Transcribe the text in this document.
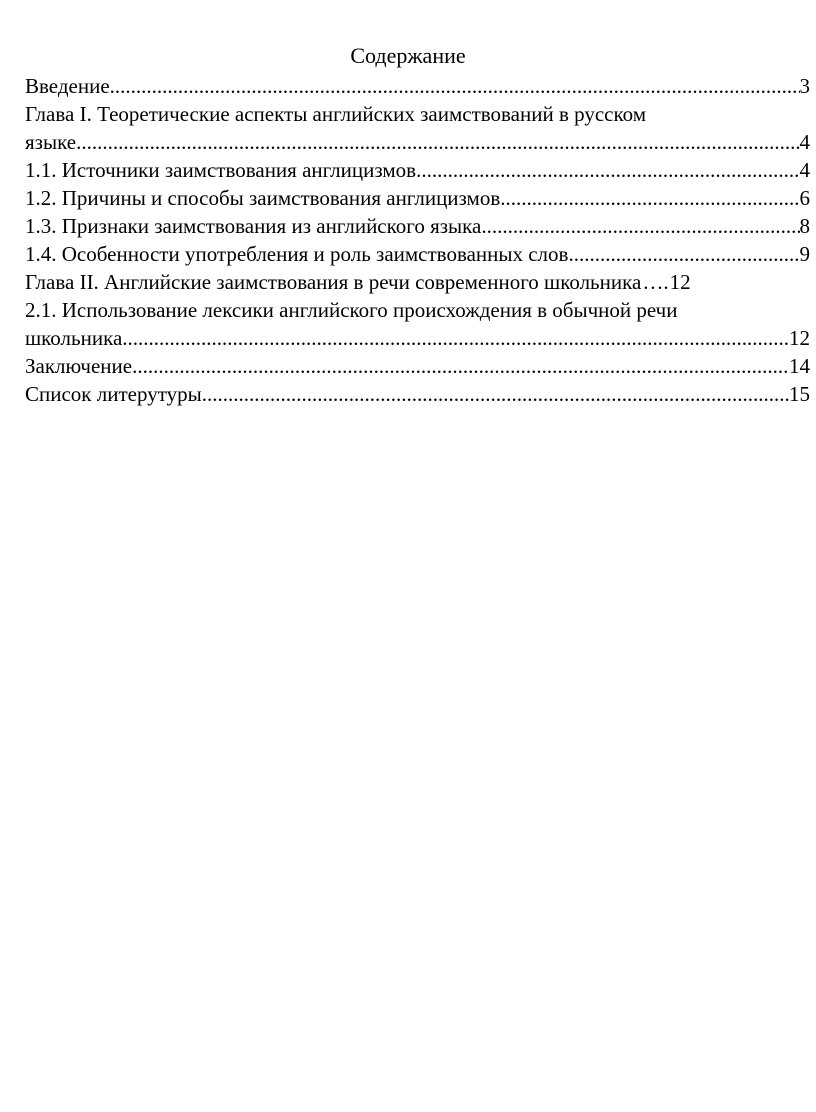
Содержание
Введение .....	3
Глава I. Теоретические аспекты английских заимствований в русском
языке .....	4
1.1. Источники заимствования англицизмов .....	4
1.2. Причины и способы заимствования англицизмов .....	6
1.3. Признаки заимствования из английского языка .....	8
1.4. Особенности употребления и роль заимствованных слов .....	9
Глава II. Английские заимствования в речи современного школьника …. 12
2.1. Использование лексики английского происхождения в обычной речи
школьника .....	12
Заключение .....	14
Список литерутуры .....	15
